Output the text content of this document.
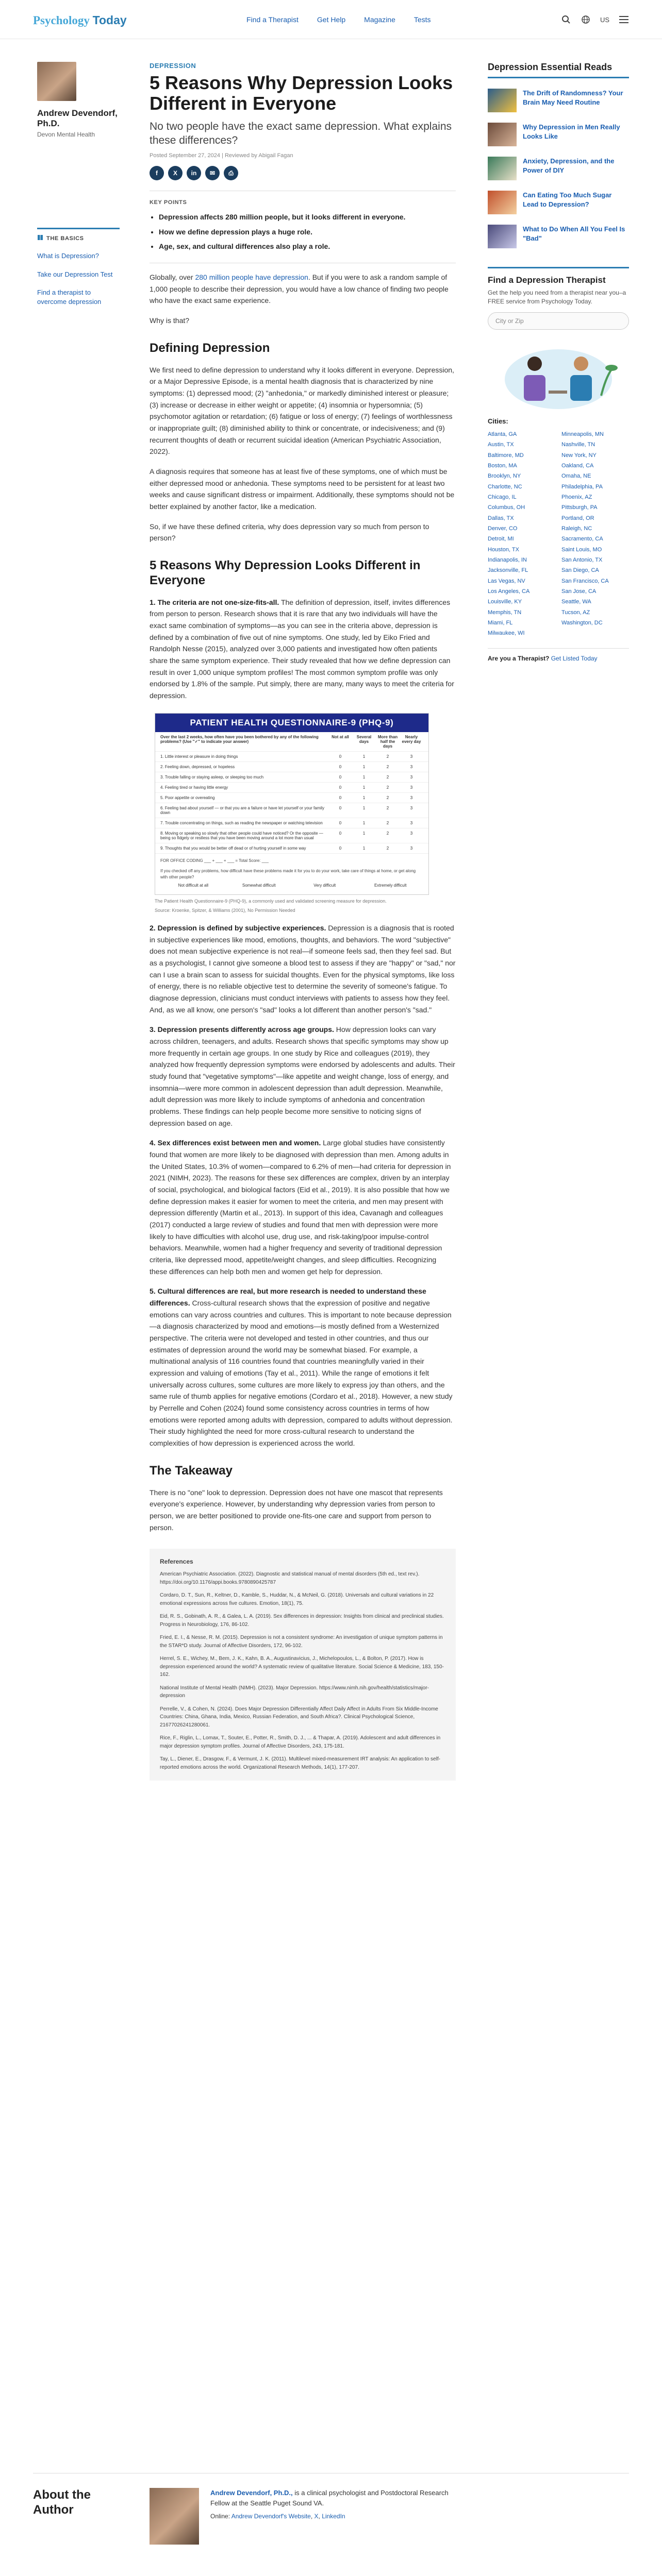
Psychology Today	Find a Therapist	Get Help	Magazine	Tests	US
Andrew Devendorf, Ph.D.
Devon Mental Health
THE BASICS
What is Depression?
Take our Depression Test
Find a therapist to overcome depression
DEPRESSION
5 Reasons Why Depression Looks Different in Everyone
No two people have the exact same depression. What explains these differences?
Posted September 27, 2024 | Reviewed by Abigail Fagan
f	X	in	✉	⎙
KEY POINTS
• Depression affects 280 million people, but it looks different in everyone.
• How we define depression plays a huge role.
• Age, sex, and cultural differences also play a role.

Globally, over 280 million people have depression. But if you were to ask a random sample of 1,000 people to describe their depression, you would have a low chance of finding two people who have the exact same experience.

Why is that?

Defining Depression

We first need to define depression to understand why it looks different in everyone. Depression, or a Major Depressive Episode, is a mental health diagnosis that is characterized by nine symptoms: (1) depressed mood; (2) "anhedonia," or markedly diminished interest or pleasure; (3) increase or decrease in either weight or appetite; (4) insomnia or hypersomnia; (5) psychomotor agitation or retardation; (6) fatigue or loss of energy; (7) feelings of worthlessness or inappropriate guilt; (8) diminished ability to think or concentrate, or indecisiveness; and (9) recurrent thoughts of death or recurrent suicidal ideation (American Psychiatric Association, 2022).

A diagnosis requires that someone has at least five of these symptoms, one of which must be either depressed mood or anhedonia. These symptoms need to be persistent for at least two weeks and cause significant distress or impairment. Additionally, these symptoms should not be better explained by another factor, like a medication.

So, if we have these defined criteria, why does depression vary so much from person to person?

5 Reasons Why Depression Looks Different in Everyone

1. The criteria are not one-size-fits-all. The definition of depression, itself, invites differences from person to person. Research shows that it is rare that any two individuals will have the exact same combination of symptoms—as you can see in the criteria above, depression is defined by a combination of five out of nine symptoms. One study, led by Eiko Fried and Randolph Nesse (2015), analyzed over 3,000 patients and investigated how often patients share the same symptom experience. Their study revealed that how we define depression can result in over 1,000 unique symptom profiles! The most common symptom profile was only endorsed by 1.8% of the sample. Put simply, there are many, many ways to meet the criteria for depression.

PATIENT HEALTH QUESTIONNAIRE-9 (PHQ-9)
Over the last 2 weeks, how often have you been bothered by any of the following problems? (Use "✓" to indicate your answer)
Not at all	Several days
More than half the days
Nearly every day
1. Little interest or pleasure in doing things	0	1	2	3
2. Feeling down, depressed, or hopeless	0	1	2	3
3. Trouble falling or staying asleep, or sleeping too much	0	1	2	3
4. Feeling tired or having little energy	0	1	2	3
5. Poor appetite or overeating	0	1	2	3
6. Feeling bad about yourself — or that you are a failure or have let yourself or your family down
0	1	2	3
7. Trouble concentrating on things, such as reading the newspaper or watching television	0	1	2	3
8. Moving or speaking so slowly that other people could have noticed? Or the opposite — being so fidgety or restless that you have been moving around a lot more than usual
0	1	2	3
9. Thoughts that you would be better off dead or of hurting yourself in some way	0	1	2	3
FOR OFFICE CODING ___ + ___ + ___ = Total Score: ___
If you checked off any problems, how difficult have these problems made it for you to do your work, take care of things at home, or get along with other people?
Not difficult at all	Somewhat difficult	Very difficult	Extremely difficult
The Patient Health Questionnaire-9 (PHQ-9), a commonly used and validated screening measure for depression.
Source: Kroenke, Spitzer, & Williams (2001), No Permission Needed

2. Depression is defined by subjective experiences. Depression is a diagnosis that is rooted in subjective experiences like mood, emotions, thoughts, and behaviors. The word "subjective" does not mean subjective experience is not real—if someone feels sad, then they feel sad. But as a psychologist, I cannot give someone a blood test to assess if they are "happy" or "sad," nor can I use a brain scan to assess for suicidal thoughts. Even for the physical symptoms, like loss of energy, there is no reliable objective test to determine the severity of someone's fatigue. To diagnose depression, clinicians must conduct interviews with patients to assess how they feel. And, as we all know, one person's "sad" looks a lot different than another person's "sad."

3. Depression presents differently across age groups. How depression looks can vary across children, teenagers, and adults. Research shows that specific symptoms may show up more frequently in certain age groups. In one study by Rice and colleagues (2019), they analyzed how frequently depression symptoms were endorsed by adolescents and adults. Their study found that "vegetative symptoms"—like appetite and weight change, loss of energy, and insomnia—were more common in adolescent depression than adult depression. Meanwhile, adult depression was more likely to include symptoms of anhedonia and concentration problems. These findings can help people become more sensitive to noticing signs of depression based on age.

4. Sex differences exist between men and women. Large global studies have consistently found that women are more likely to be diagnosed with depression than men. Among adults in the United States, 10.3% of women—compared to 6.2% of men—had criteria for depression in 2021 (NIMH, 2023). The reasons for these sex differences are complex, driven by an interplay of social, psychological, and biological factors (Eid et al., 2019). It is also possible that how we define depression makes it easier for women to meet the criteria, and men may present with depression differently (Martin et al., 2013). In support of this idea, Cavanagh and colleagues (2017) conducted a large review of studies and found that men with depression were more likely to have difficulties with alcohol use, drug use, and risk-taking/poor impulse-control behaviors. Meanwhile, women had a higher frequency and severity of traditional depression criteria, like depressed mood, appetite/weight changes, and sleep difficulties. Recognizing these differences can help both men and women get help for depression.

5. Cultural differences are real, but more research is needed to understand these differences. Cross-cultural research shows that the expression of positive and negative emotions can vary across countries and cultures. This is important to note because depression—a diagnosis characterized by mood and emotions—is mostly defined from a Westernized perspective. The criteria were not developed and tested in other countries, and thus our estimates of depression around the world may be somewhat biased. For example, a multinational analysis of 116 countries found that countries meaningfully varied in their expression and valuing of emotions (Tay et al., 2011). While the range of emotions it felt universally across cultures, some cultures are more likely to express joy than others, and the same rule of thumb applies for negative emotions (Cordaro et al., 2018). However, a new study by Perrelle and Cohen (2024) found some consistency across countries in terms of how emotions were reported among adults with depression, compared to adults without depression. Their study highlighted the need for more cross-cultural research to understand the complexities of how depression is experienced across the world.

The Takeaway

There is no "one" look to depression. Depression does not have one mascot that represents everyone's experience. However, by understanding why depression varies from person to person, we are better positioned to provide one-fits-one care and support from person to person.

References

American Psychiatric Association. (2022). Diagnostic and statistical manual of mental disorders (5th ed., text rev.). https://doi.org/10.1176/appi.books.9780890425787

Cordaro, D. T., Sun, R., Keltner, D., Kamble, S., Huddar, N., & McNeil, G. (2018). Universals and cultural variations in 22 emotional expressions across five cultures. Emotion, 18(1), 75.

Eid, R. S., Gobinath, A. R., & Galea, L. A. (2019). Sex differences in depression: Insights from clinical and preclinical studies. Progress in Neurobiology, 176, 86-102.

Fried, E. I., & Nesse, R. M. (2015). Depression is not a consistent syndrome: An investigation of unique symptom patterns in the STAR*D study. Journal of Affective Disorders, 172, 96-102.

Herrel, S. E., Wichey, M., Bem, J. K., Kahn, B. A., Augustinavicius, J., Michelopoulos, L., & Bolton, P. (2017). How is depression experienced around the world? A systematic review of qualitative literature. Social Science & Medicine, 183, 150-162.

National Institute of Mental Health (NIMH). (2023). Major Depression. https://www.nimh.nih.gov/health/statistics/major-depression

Perrelle, V., & Cohen, N. (2024). Does Major Depression Differentially Affect Daily Affect in Adults From Six Middle-Income Countries: China, Ghana, India, Mexico, Russian Federation, and South Africa?. Clinical Psychological Science, 21677026241280061.

Rice, F., Riglin, L., Lomax, T., Souter, E., Potter, R., Smith, D. J., ... & Thapar, A. (2019). Adolescent and adult differences in major depression symptom profiles. Journal of Affective Disorders, 243, 175-181.

Tay, L., Diener, E., Drasgow, F., & Vermunt, J. K. (2011). Multilevel mixed-measurement IRT analysis: An application to self-reported emotions across the world. Organizational Research Methods, 14(1), 177-207.

Depression Essential Reads
The Drift of Randomness? Your Brain May Need Routine
Why Depression in Men Really Looks Like
Anxiety, Depression, and the Power of DIY
Can Eating Too Much Sugar Lead to Depression?
What to Do When All You Feel Is "Bad"
Find a Depression Therapist
Get the help you need from a therapist near you–a FREE service from Psychology Today.
City or Zip
Cities:
Atlanta, GA	Minneapolis, MN
Austin, TX	Nashville, TN
Baltimore, MD	New York, NY
Boston, MA	Oakland, CA
Brooklyn, NY	Omaha, NE
Charlotte, NC	Philadelphia, PA
Chicago, IL	Phoenix, AZ
Columbus, OH	Pittsburgh, PA
Dallas, TX	Portland, OR
Denver, CO	Raleigh, NC
Detroit, MI	Sacramento, CA
Houston, TX	Saint Louis, MO
Indianapolis, IN	San Antonio, TX
Jacksonville, FL	San Diego, CA
Las Vegas, NV	San Francisco, CA
Los Angeles, CA	San Jose, CA
Louisville, KY	Seattle, WA
Memphis, TN	Tucson, AZ
Miami, FL	Washington, DC
Milwaukee, WI
Are you a Therapist? Get Listed Today
About the Author
Andrew Devendorf, Ph.D., is a clinical psychologist and Postdoctoral Research Fellow at the Seattle Puget Sound VA.
Online: Andrew Devendorf's Website, X, LinkedIn
